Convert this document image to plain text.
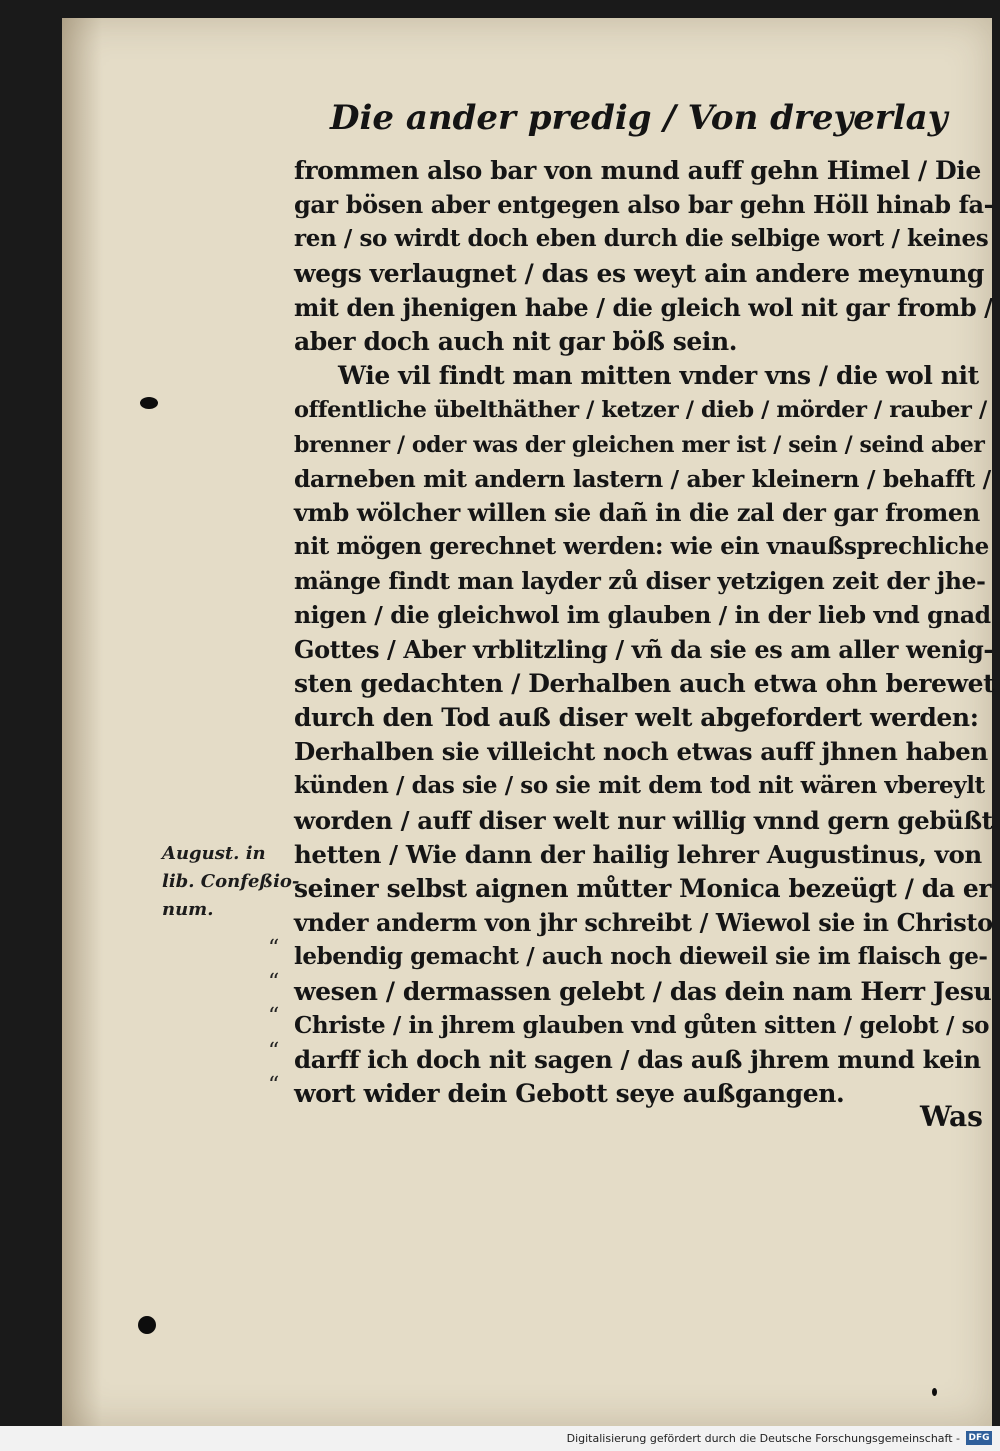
Die ander predig / Von dreyerlay
frommen also bar von mund auff gehn Himel / Die
gar bösen aber entgegen also bar gehn Höll hinab fa-
ren / so wirdt doch eben durch die selbige wort / keines
wegs verlaugnet / das es weyt ain andere meynung
mit den jhenigen habe / die gleich wol nit gar fromb /
aber doch auch nit gar böß sein.
Wie vil findt man mitten vnder vns / die wol nit
offentliche übelthäther / ketzer / dieb / mörder / rauber /
brenner / oder was der gleichen mer ist / sein / seind aber
darneben mit andern lastern / aber kleinern / behafft /
vmb wölcher willen sie dañ in die zal der gar fromen
nit mögen gerechnet werden: wie ein vnaußsprechliche
mänge findt man layder zů diser yetzigen zeit der jhe-
nigen / die gleichwol im glauben / in der lieb vnd gnad
Gottes / Aber vrblitzling / vñ da sie es am aller wenig-
sten gedachten / Derhalben auch etwa ohn berewet
durch den Tod auß diser welt abgefordert werden:
Derhalben sie villeicht noch etwas auff jhnen haben
künden / das sie / so sie mit dem tod nit wären vbereylt
worden / auff diser welt nur willig vnnd gern gebüßt
hetten / Wie dann der hailig lehrer Augustinus, von
seiner selbst aignen můtter Monica bezeügt / da er
vnder anderm von jhr schreibt / Wiewol sie in Christo
lebendig gemacht / auch noch dieweil sie im flaisch ge-
wesen / dermassen gelebt / das dein nam Herr Jesu
Christe / in jhrem glauben vnd gůten sitten / gelobt / so
darff ich doch nit sagen / das auß jhrem mund kein
wort wider dein Gebott seye außgangen.
Was
August. in
lib. Confeßio-
num.
“
“
“
“
“
Digitalisierung gefördert durch die Deutsche Forschungsgemeinschaft - DFG
